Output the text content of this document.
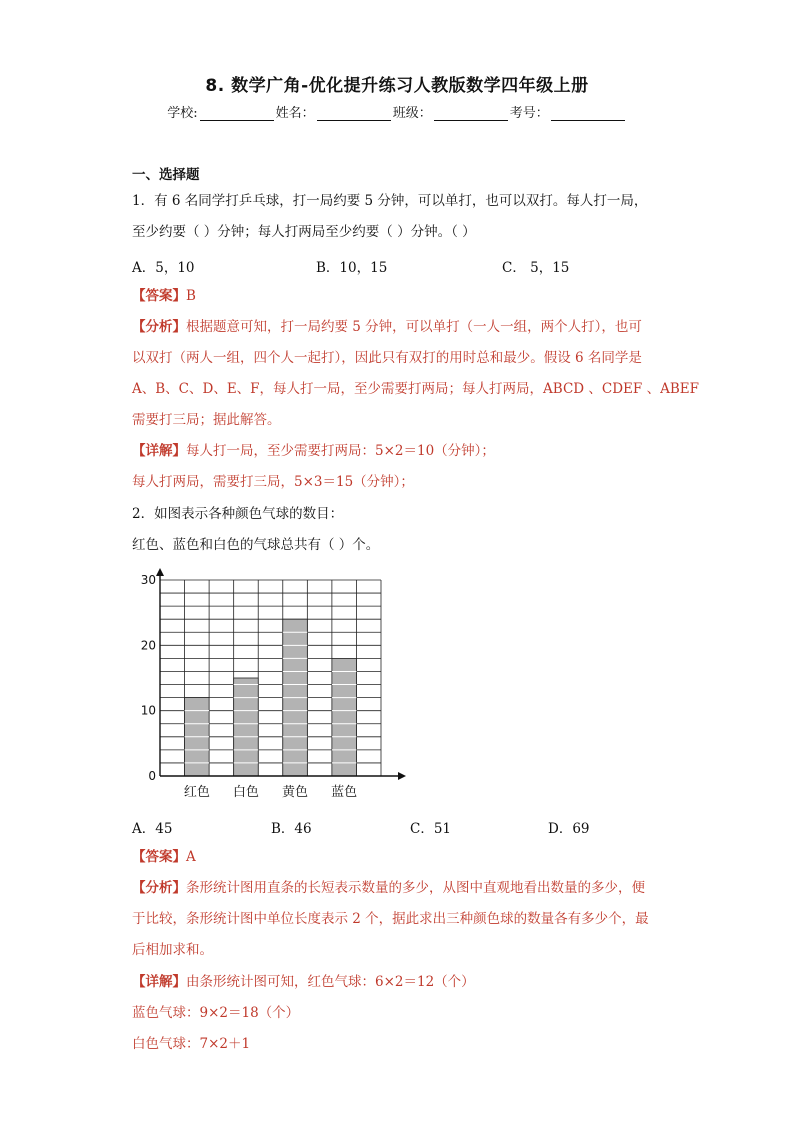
8. 数学广角-优化提升练习人教版数学四年级上册
学校:	姓名：	班级：	考号：
一、选择题
1．有 6 名同学打乒乓球，打一局约要 5 分钟，可以单打，也可以双打。每人打一局，
至少约要（ ）分钟；每人打两局至少约要（ ）分钟。（ ）
A．5，10	B．10，15	C． 5，15
【答案】B
【分析】根据题意可知，打一局约要 5 分钟，可以单打（一人一组，两个人打），也可
以双打（两人一组，四个人一起打），因此只有双打的用时总和最少。假设 6 名同学是
A、B、C、D、E、F，每人打一局，至少需要打两局；每人打两局，ABCD 、CDEF 、ABEF
需要打三局；据此解答。
【详解】每人打一局，至少需要打两局：5×2＝10（分钟）；
每人打两局，需要打三局，5×3＝15（分钟）；
2．如图表示各种颜色气球的数目：
红色、蓝色和白色的气球总共有（ ）个。
红色 白色 黄色 蓝色
0
10
20
30
A．45	B．46	C．51	D．69
【答案】A
【分析】条形统计图用直条的长短表示数量的多少，从图中直观地看出数量的多少，便
于比较，条形统计图中单位长度表示 2 个，据此求出三种颜色球的数量各有多少个，最
后相加求和。
【详解】由条形统计图可知，红色气球：6×2＝12（个）
蓝色气球：9×2＝18（个）
白色气球：7×2＋1
